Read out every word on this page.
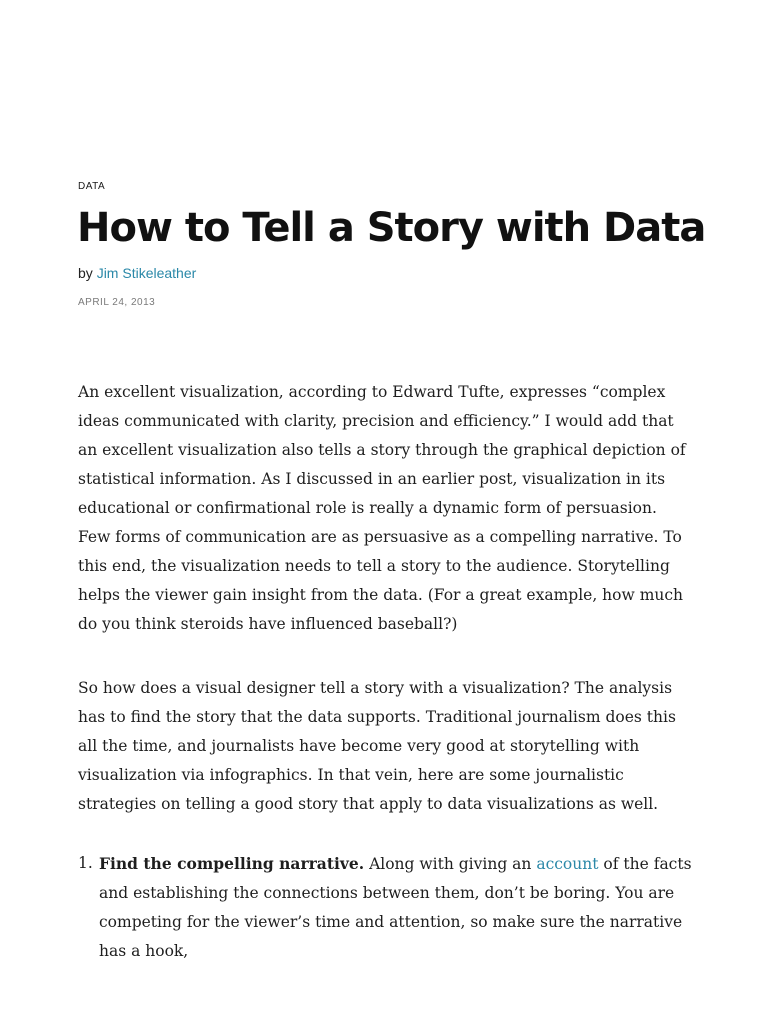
DATA
How to Tell a Story with Data
by Jim Stikeleather
APRIL 24, 2013

An excellent visualization, according to Edward Tufte, expresses “complex ideas communicated with clarity, precision and efficiency.” I would add that an excellent visualization also tells a story through the graphical depiction of statistical information. As I discussed in an earlier post, visualization in its educational or confirmational role is really a dynamic form of persuasion. Few forms of communication are as persuasive as a compelling narrative. To this end, the visualization needs to tell a story to the audience. Storytelling helps the viewer gain insight from the data. (For a great example, how much do you think steroids have influenced baseball?)

So how does a visual designer tell a story with a visualization? The analysis has to find the story that the data supports. Traditional journalism does this all the time, and journalists have become very good at storytelling with visualization via infographics. In that vein, here are some journalistic strategies on telling a good story that apply to data visualizations as well.

1. Find the compelling narrative. Along with giving an account of the facts and establishing the connections between them, don’t be boring. You are competing for the viewer’s time and attention, so make sure the narrative has a hook,
